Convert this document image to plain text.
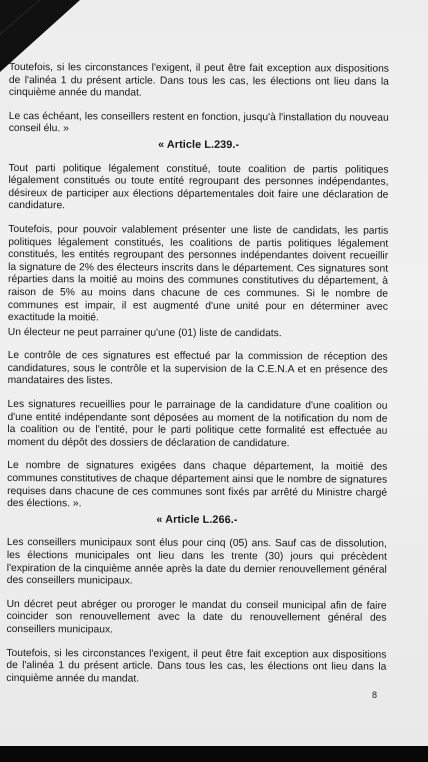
Toutefois, si les circonstances l'exigent, il peut être fait exception aux dispositions de l'alinéa 1 du présent article. Dans tous les cas, les élections ont lieu dans la cinquième année du mandat.

Le cas échéant, les conseillers restent en fonction, jusqu'à l'installation du nouveau conseil élu. »

« Article L.239.-

Tout parti politique légalement constitué, toute coalition de partis politiques légalement constitués ou toute entité regroupant des personnes indépendantes, désireux de participer aux élections départementales doit faire une déclaration de candidature.

Toutefois, pour pouvoir valablement présenter une liste de candidats, les partis politiques légalement constitués, les coalitions de partis politiques légalement constitués, les entités regroupant des personnes indépendantes doivent recueillir la signature de 2% des électeurs inscrits dans le département. Ces signatures sont réparties dans la moitié au moins des communes constitutives du département, à raison de 5% au moins dans chacune de ces communes. Si le nombre de communes est impair, il est augmenté d'une unité pour en déterminer avec exactitude la moitié.

Un électeur ne peut parrainer qu'une (01) liste de candidats.

Le contrôle de ces signatures est effectué par la commission de réception des candidatures, sous le contrôle et la supervision de la C.E.N.A et en présence des mandataires des listes.

Les signatures recueillies pour le parrainage de la candidature d'une coalition ou d'une entité indépendante sont déposées au moment de la notification du nom de la coalition ou de l'entité, pour le parti politique cette formalité est effectuée au moment du dépôt des dossiers de déclaration de candidature.

Le nombre de signatures exigées dans chaque département, la moitié des communes constitutives de chaque département ainsi que le nombre de signatures requises dans chacune de ces communes sont fixés par arrêté du Ministre chargé des élections. ».

« Article L.266.-

Les conseillers municipaux sont élus pour cinq (05) ans. Sauf cas de dissolution, les élections municipales ont lieu dans les trente (30) jours qui précèdent l'expiration de la cinquième année après la date du dernier renouvellement général des conseillers municipaux.

Un décret peut abréger ou proroger le mandat du conseil municipal afin de faire coincider son renouvellement avec la date du renouvellement général des conseillers municipaux.

Toutefois, si les circonstances l'exigent, il peut être fait exception aux dispositions de l'alinéa 1 du présent article. Dans tous les cas, les élections ont lieu dans la cinquième année du mandat.

8
